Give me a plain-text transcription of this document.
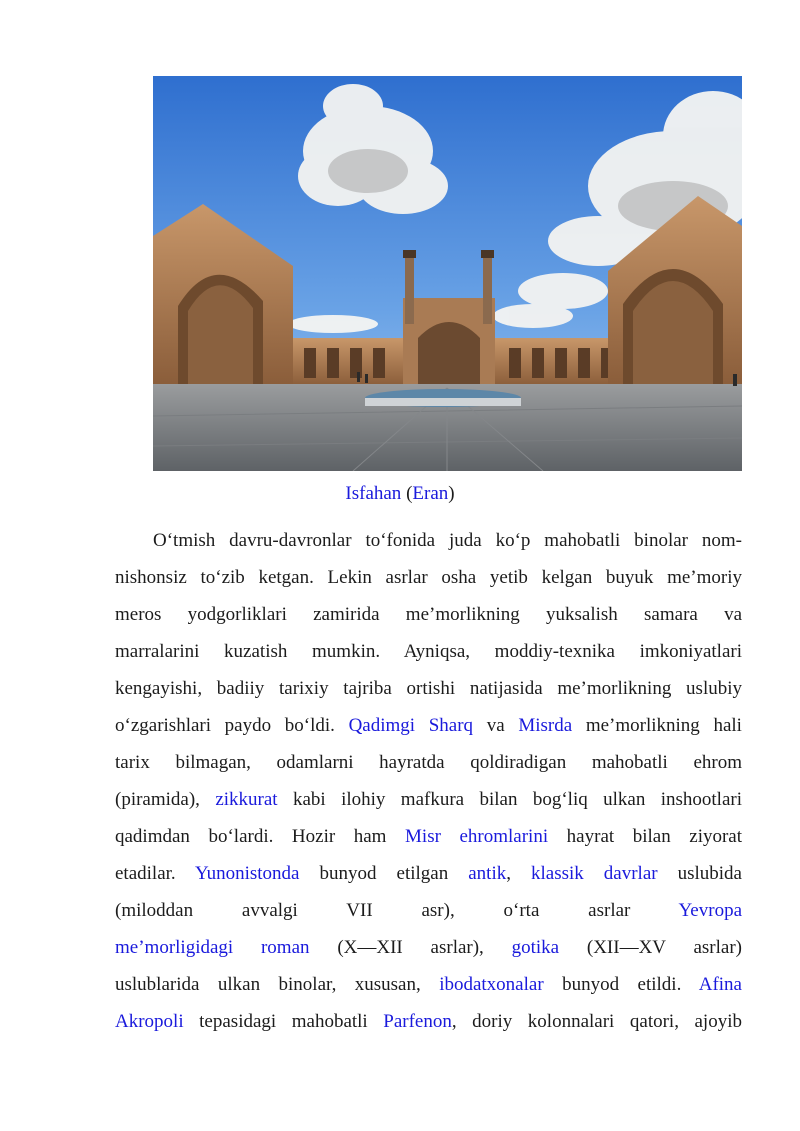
Isfahan (Eran)
O‘tmish davru-davronlar to‘fonida juda ko‘p mahobatli binolar nom-
nishonsiz to‘zib ketgan. Lekin asrlar osha yetib kelgan buyuk me’moriy
meros yodgorliklari zamirida me’morlikning yuksalish samara va
marralarini kuzatish mumkin. Ayniqsa, moddiy-texnika imkoniyatlari
kengayishi, badiiy tarixiy tajriba ortishi natijasida me’morlikning uslubiy
o‘zgarishlari paydo bo‘ldi. Qadimgi Sharq va Misrda me’morlikning hali
tarix bilmagan, odamlarni hayratda qoldiradigan mahobatli ehrom
(piramida), zikkurat kabi ilohiy mafkura bilan bog‘liq ulkan inshootlari
qadimdan bo‘lardi. Hozir ham Misr ehromlarini hayrat bilan ziyorat
etadilar. Yunonistonda bunyod etilgan antik, klassik davrlar uslubida
(miloddan avvalgi VII asr), o‘rta asrlar Yevropa
me’morligidagi roman (X—XII asrlar), gotika (XII—XV asrlar)
uslublarida ulkan binolar, xususan, ibodatxonalar bunyod etildi. Afina
Akropoli tepasidagi mahobatli Parfenon, doriy kolonnalari qatori, ajoyib
